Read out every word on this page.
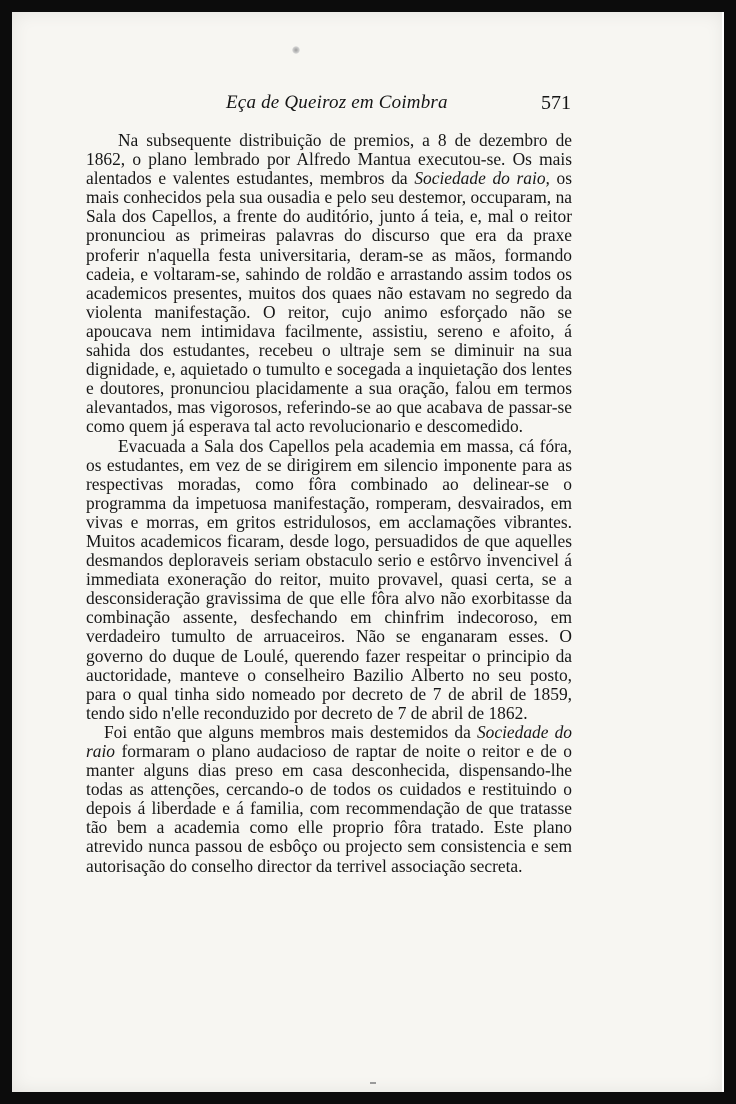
Eça de Queiroz em Coimbra	571

Na subsequente distribuição de premios, a 8 de dezembro de 1862, o plano lembrado por Alfredo Mantua executou-se. Os mais alentados e valentes estudantes, membros da Sociedade do raio, os mais conhecidos pela sua ousadia e pelo seu destemor, occuparam, na Sala dos Capellos, a frente do auditório, junto á teia, e, mal o reitor pronunciou as primeiras palavras do discurso que era da praxe proferir n'aquella festa universitaria, deram-se as mãos, formando cadeia, e voltaram-se, sahindo de roldão e arrastando assim todos os academicos presentes, muitos dos quaes não estavam no segredo da violenta manifestação. O reitor, cujo animo esforçado não se apoucava nem intimidava facilmente, assistiu, sereno e afoito, á sahida dos estudantes, recebeu o ultraje sem se diminuir na sua dignidade, e, aquietado o tumulto e socegada a inquietação dos lentes e doutores, pronunciou placidamente a sua oração, falou em termos alevantados, mas vigorosos, referindo-se ao que acabava de passar-se como quem já esperava tal acto revolucionario e descomedido.

Evacuada a Sala dos Capellos pela academia em massa, cá fóra, os estudantes, em vez de se dirigirem em silencio imponente para as respectivas moradas, como fôra combinado ao delinear-se o programma da impetuosa manifestação, romperam, desvairados, em vivas e morras, em gritos estridulosos, em acclamações vibrantes. Muitos academicos ficaram, desde logo, persuadidos de que aquelles desmandos deploraveis seriam obstaculo serio e estôrvo invencivel á immediata exoneração do reitor, muito provavel, quasi certa, se a desconsideração gravissima de que elle fôra alvo não exorbitasse da combinação assente, desfechando em chinfrim indecoroso, em verdadeiro tumulto de arruaceiros. Não se enganaram esses. O governo do duque de Loulé, querendo fazer respeitar o principio da auctoridade, manteve o conselheiro Bazilio Alberto no seu posto, para o qual tinha sido nomeado por decreto de 7 de abril de 1859, tendo sido n'elle reconduzido por decreto de 7 de abril de 1862.

Foi então que alguns membros mais destemidos da Sociedade do raio formaram o plano audacioso de raptar de noite o reitor e de o manter alguns dias preso em casa desconhecida, dispensando-lhe todas as attenções, cercando-o de todos os cuidados e restituindo o depois á liberdade e á familia, com recommendação de que tratasse tão bem a academia como elle proprio fôra tratado. Este plano atrevido nunca passou de esbôço ou projecto sem consistencia e sem autorisação do conselho director da terrivel associação secreta.
